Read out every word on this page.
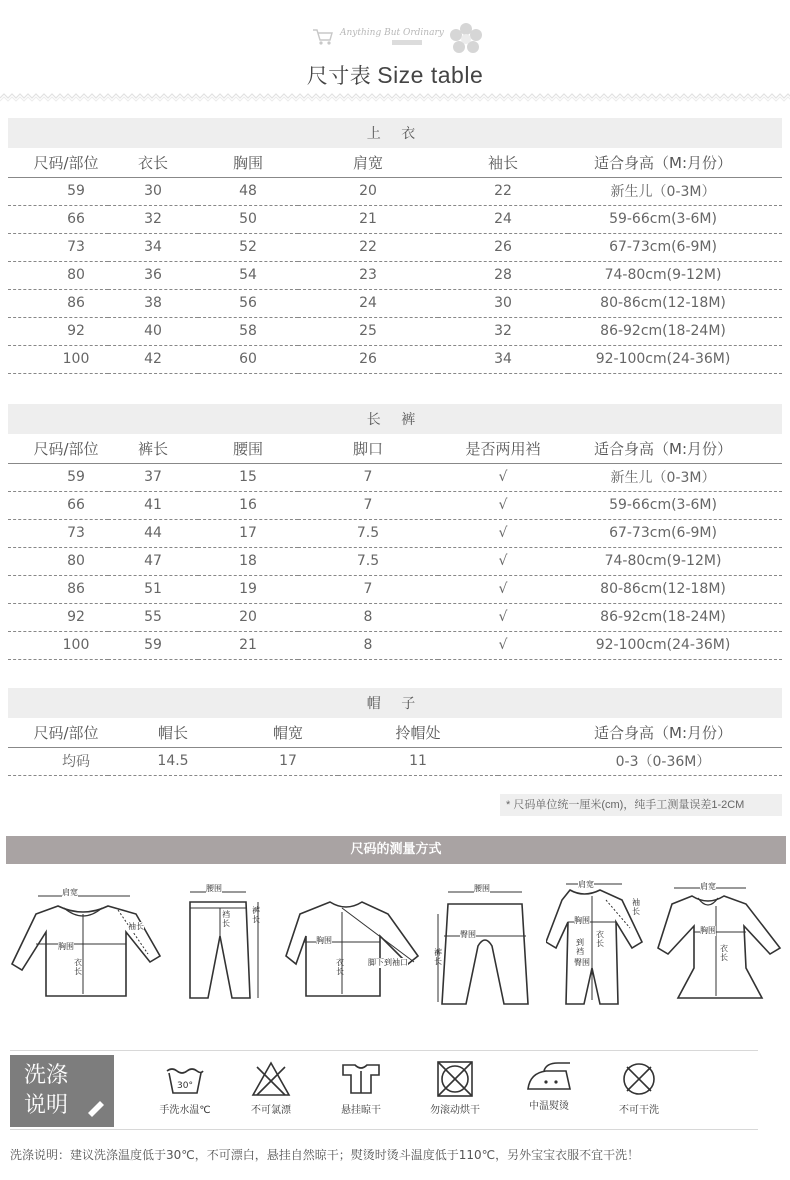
Anything But Ordinary
尺寸表 Size table
上 衣					
尺码/部位	衣长	胸围	肩宽	袖长	适合身高（M:月份）
59	30	48	20	22	新生儿（0-3M）
66	32	50	21	24	59-66cm(3-6M)
73	34	52	22	26	67-73cm(6-9M)
80	36	54	23	28	74-80cm(9-12M)
86	38	56	24	30	80-86cm(12-18M)
92	40	58	25	32	86-92cm(18-24M)
100	42	60	26	34	92-100cm(24-36M)
长 裤					
尺码/部位	裤长	腰围	脚口	是否两用裆	适合身高（M:月份）
59	37	15	7	√	新生儿（0-3M）
66	41	16	7	√	59-66cm(3-6M)
73	44	17	7.5	√	67-73cm(6-9M)
80	47	18	7.5	√	74-80cm(9-12M)
86	51	19	7	√	80-86cm(12-18M)
92	55	20	8	√	86-92cm(18-24M)
100	59	21	8	√	92-100cm(24-36M)
帽 子					
尺码/部位	帽长	帽宽	拎帽处		适合身高（M:月份）
均码	14.5	17	11		0-3（0-36M）
* 尺码单位统一厘米(cm)，纯手工测量误差1-2CM
尺码的测量方式
肩宽
袖长
胸围
衣长
腰围
裤长
裆长
胸围
衣长
脚下到袖口
腰围
臀围
裤长
肩宽
胸围
袖长
衣长
到裆
臀围
肩宽
胸围
衣长
洗涤
说明
30°
手洗水温℃	不可氯漂	悬挂晾干	勿滚动烘干	中温熨烫	不可干洗
洗涤说明：建议洗涤温度低于30℃，不可漂白，悬挂自然晾干；熨烫时烫斗温度低于110℃，另外宝宝衣服不宜干洗！
